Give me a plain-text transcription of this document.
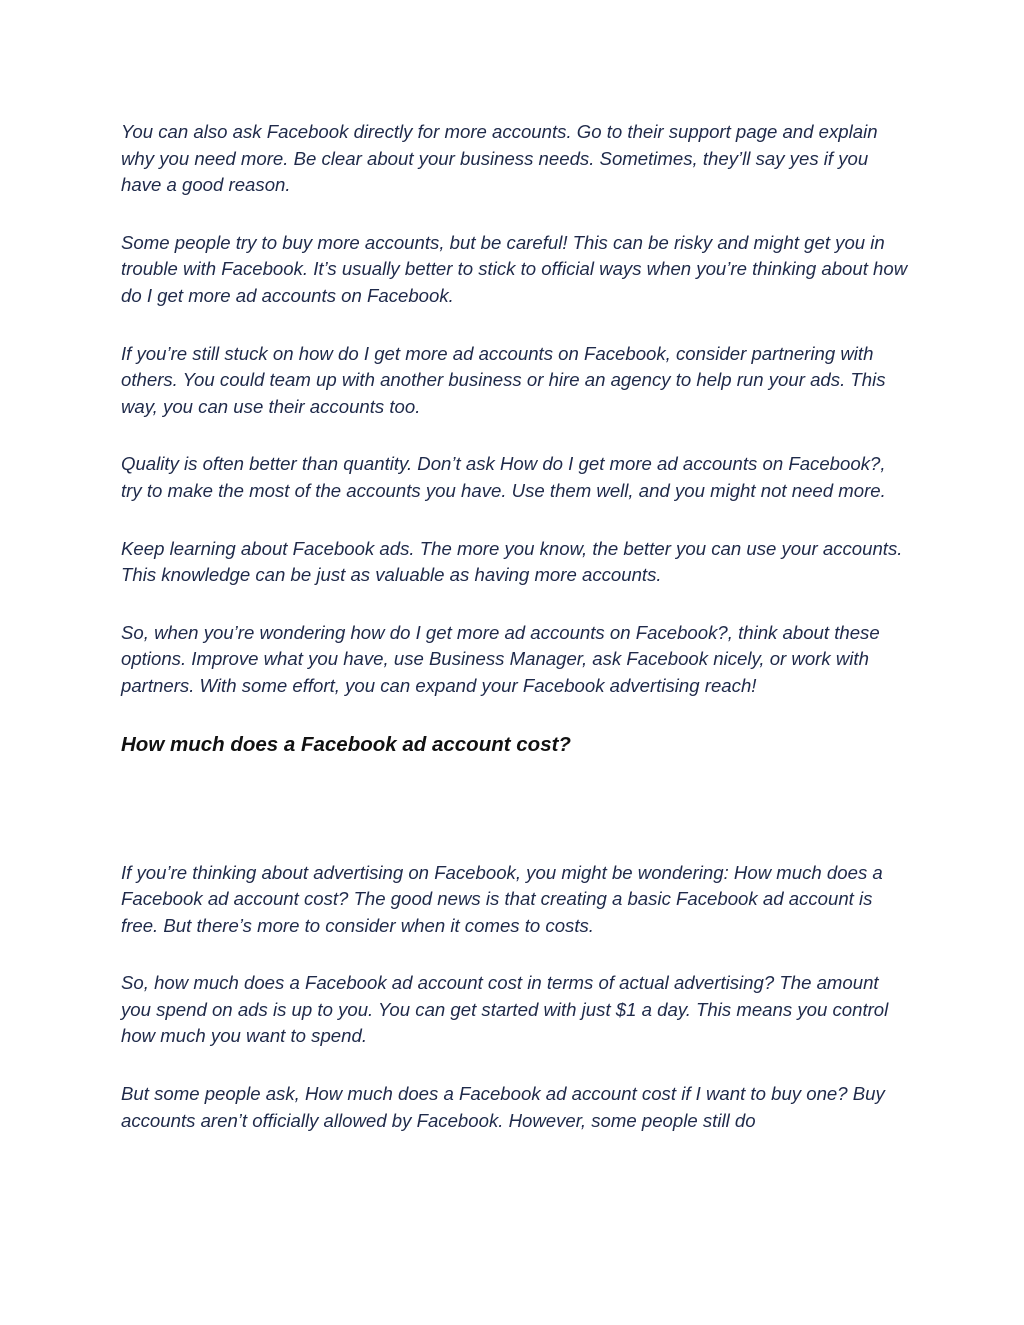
You can also ask Facebook directly for more accounts. Go to their support page and explain why you need more. Be clear about your business needs. Sometimes, they’ll say yes if you have a good reason.

Some people try to buy more accounts, but be careful! This can be risky and might get you in trouble with Facebook. It’s usually better to stick to official ways when you’re thinking about how do I get more ad accounts on Facebook.

If you’re still stuck on how do I get more ad accounts on Facebook, consider partnering with others. You could team up with another business or hire an agency to help run your ads. This way, you can use their accounts too.

Quality is often better than quantity. Don’t ask How do I get more ad accounts on Facebook?, try to make the most of the accounts you have. Use them well, and you might not need more.

Keep learning about Facebook ads. The more you know, the better you can use your accounts. This knowledge can be just as valuable as having more accounts.

So, when you’re wondering how do I get more ad accounts on Facebook?, think about these options. Improve what you have, use Business Manager, ask Facebook nicely, or work with partners. With some effort, you can expand your Facebook advertising reach!

How much does a Facebook ad account cost?

If you’re thinking about advertising on Facebook, you might be wondering: How much does a Facebook ad account cost? The good news is that creating a basic Facebook ad account is free. But there’s more to consider when it comes to costs.

So, how much does a Facebook ad account cost in terms of actual advertising? The amount you spend on ads is up to you. You can get started with just $1 a day. This means you control how much you want to spend.

But some people ask, How much does a Facebook ad account cost if I want to buy one? Buy accounts aren’t officially allowed by Facebook. However, some people still do
